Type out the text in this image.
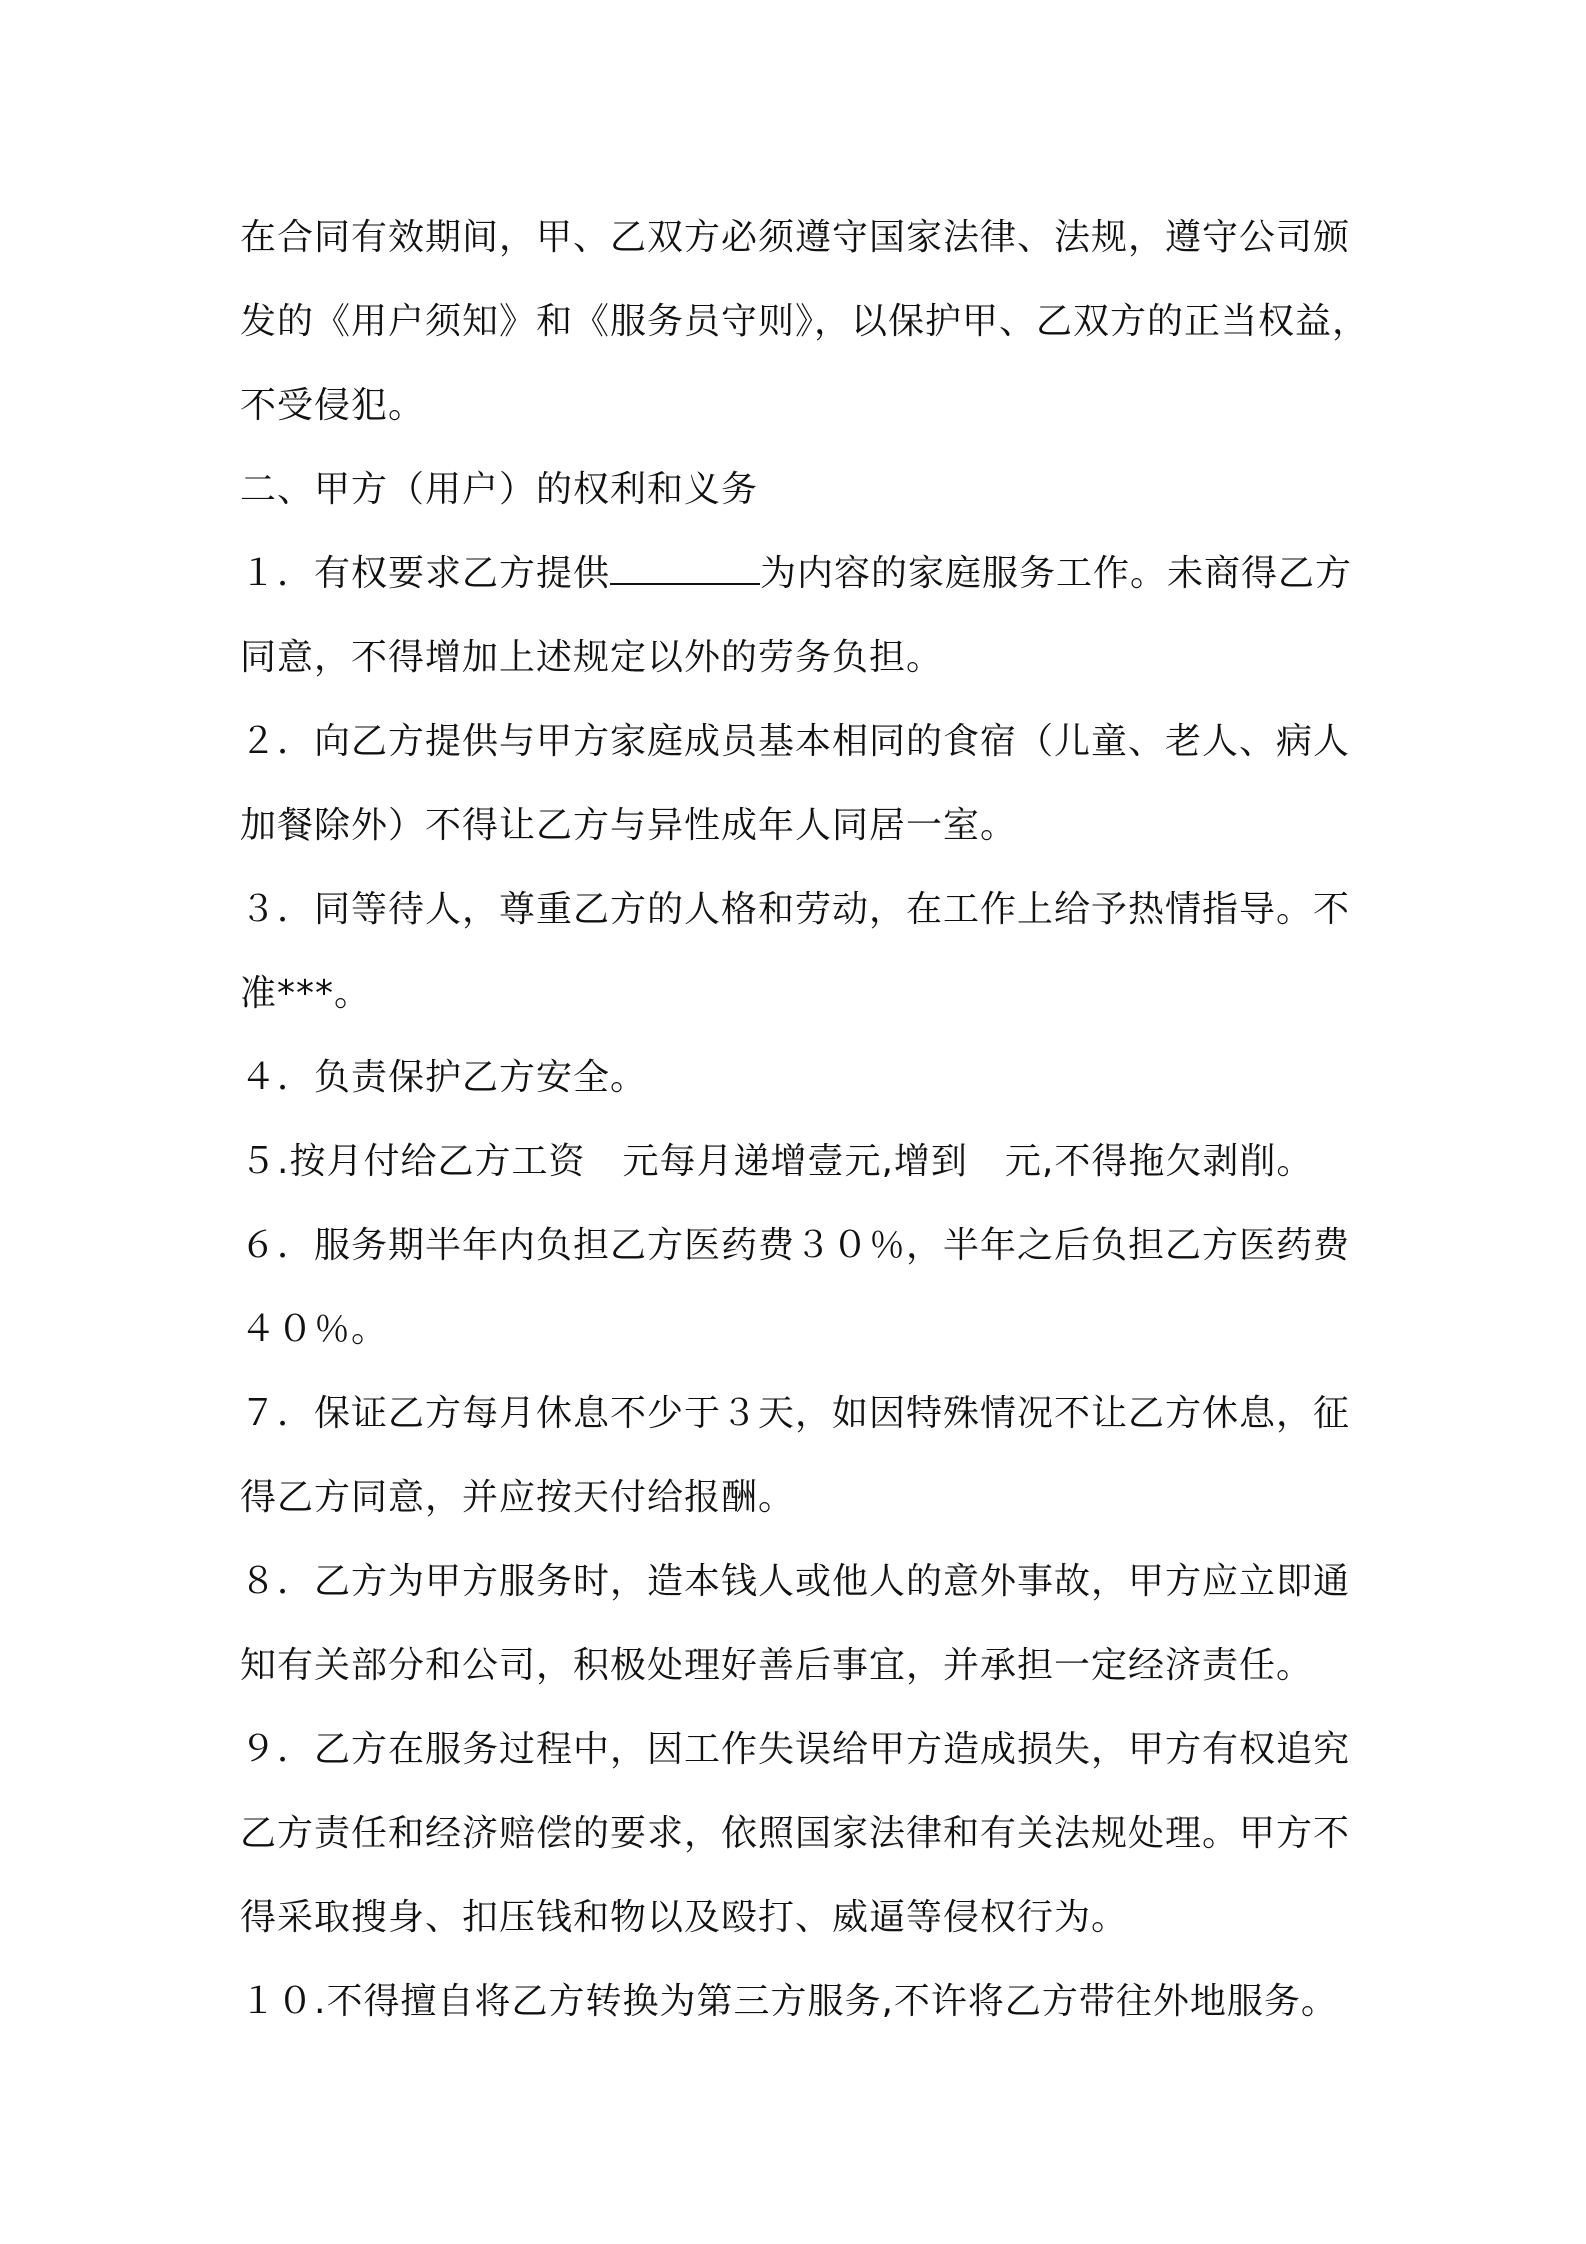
在合同有效期间，甲、乙双方必须遵守国家法律、法规，遵守公司颁
发的《用户须知》和《服务员守则》，以保护甲、乙双方的正当权益，
不受侵犯。
二、甲方（用户）的权利和义务
１．有权要求乙方提供	为内容的家庭服务工作。未商得乙方
同意，不得增加上述规定以外的劳务负担。
２．向乙方提供与甲方家庭成员基本相同的食宿（儿童、老人、病人
加餐除外）不得让乙方与异性成年人同居一室。
３．同等待人，尊重乙方的人格和劳动，在工作上给予热情指导。不
准***。
４．负责保护乙方安全。
５.按月付给乙方工资　元每月递增壹元,增到　元,不得拖欠剥削。
６．服务期半年内负担乙方医药费３０％，半年之后负担乙方医药费
４０％。
７．保证乙方每月休息不少于３天，如因特殊情况不让乙方休息，征
得乙方同意，并应按天付给报酬。
８．乙方为甲方服务时，造本钱人或他人的意外事故，甲方应立即通
知有关部分和公司，积极处理好善后事宜，并承担一定经济责任。
９．乙方在服务过程中，因工作失误给甲方造成损失，甲方有权追究
乙方责任和经济赔偿的要求，依照国家法律和有关法规处理。甲方不
得采取搜身、扣压钱和物以及殴打、威逼等侵权行为。
１０.不得擅自将乙方转换为第三方服务,不许将乙方带往外地服务。
